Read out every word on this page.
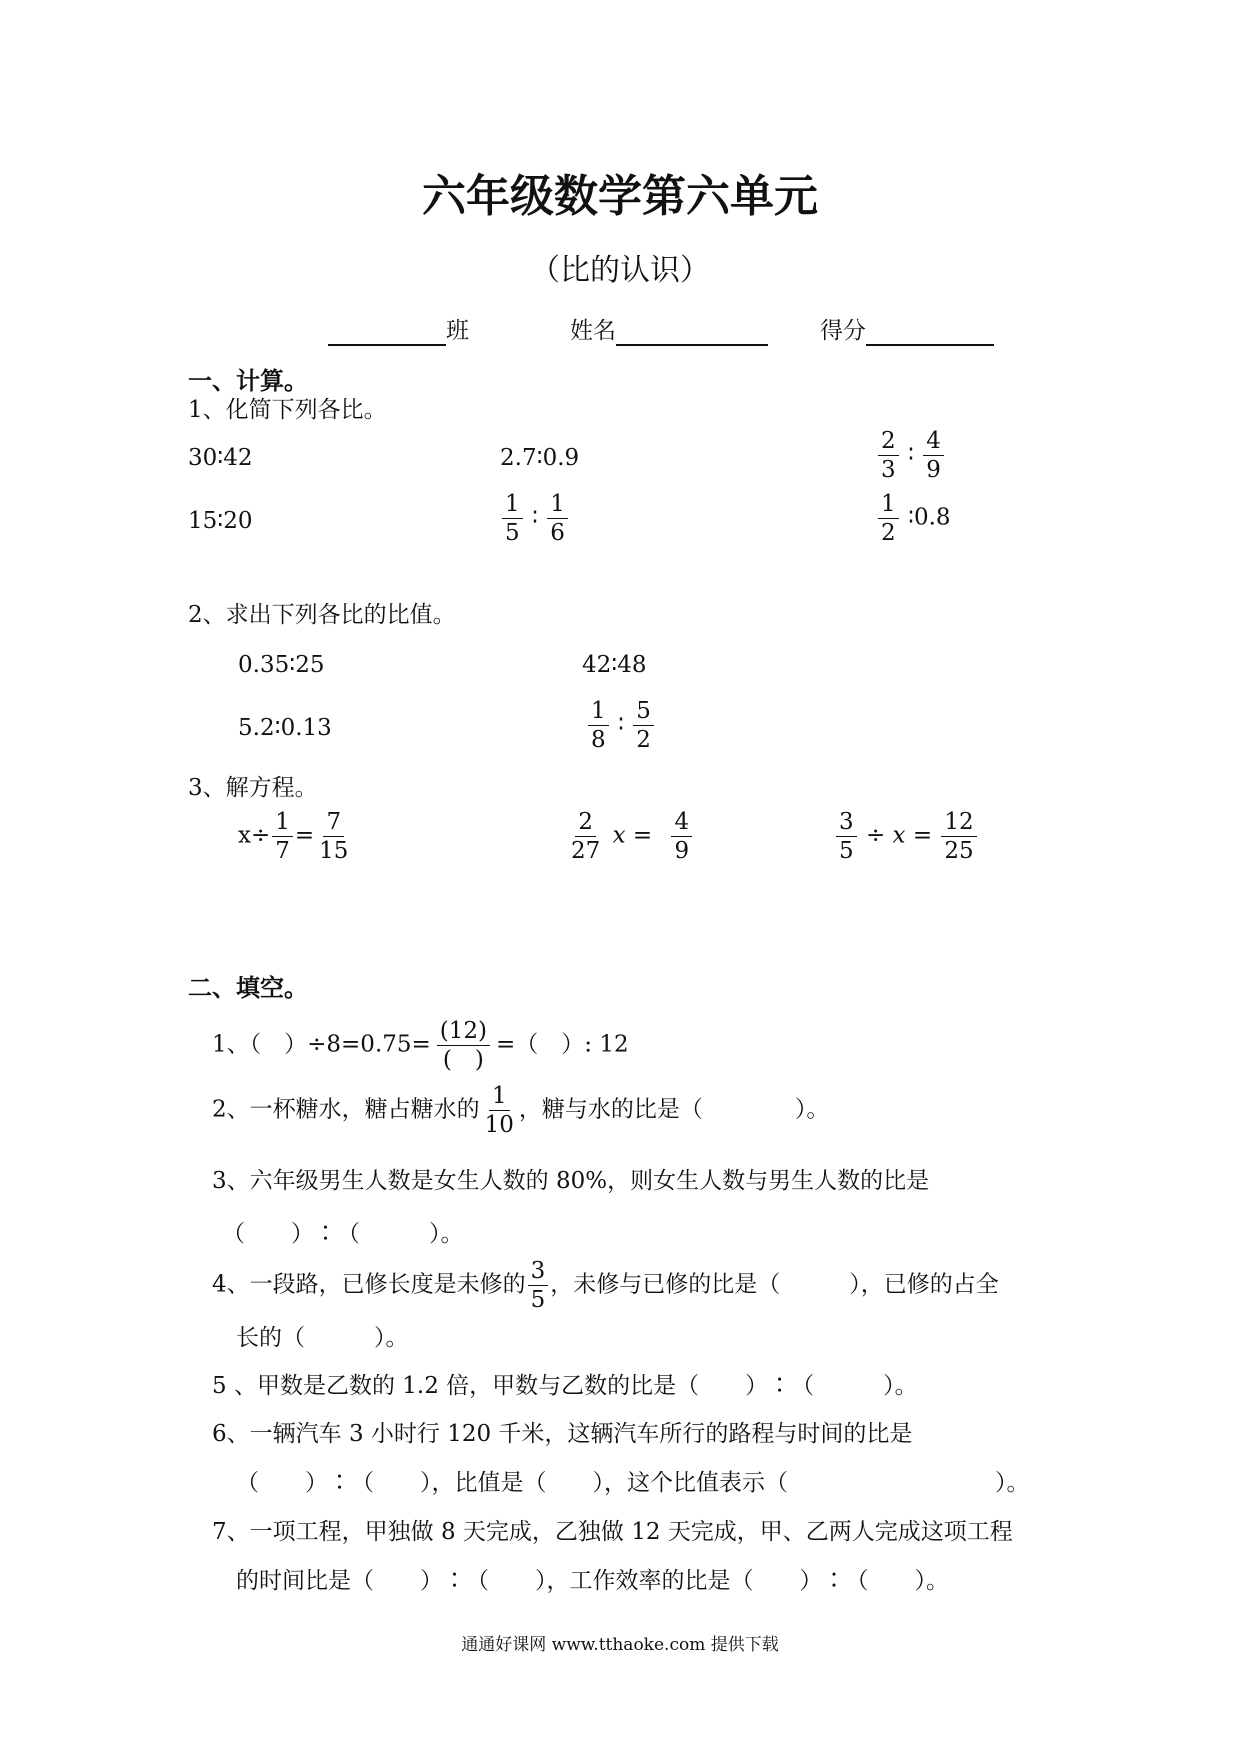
六年级数学第六单元
（比的认识）
班	姓名	得分
一、计算。
1、化简下列各比。
30∶42	2.7∶0.9	$\frac{2}{3}$ ∶ $\frac{4}{9}$
15∶20	$\frac{1}{5}$ ∶ $\frac{1}{6}$	$\frac{1}{2}$ ∶0.8
2、求出下列各比的比值。
0.35∶25	42∶48
5.2∶0.13	$\frac{1}{8}$ ∶ $\frac{5}{2}$
3、解方程。
$x\div \frac{1}{7} = \frac{7}{15}$	$\frac{2}{27}$ $x = \frac{4}{9}$	$\frac{3}{5} \div x = \frac{12}{25}$
二、填空。
1、（　）$\div 8=0.75= \frac{(12)}{( )}$ =（　）: 12
2、一杯糖水，糖占糖水的 $\frac{1}{10}$ ，糖与水的比是（　　　　）。
3、六年级男生人数是女生人数的 80%，则女生人数与男生人数的比是
（　　）∶（　　　）。
4、一段路，已修长度是未修的 $\frac{3}{5}$ ，未修与已修的比是（　　　），已修的占全
长的（　　　）。
5 、甲数是乙数的 1.2 倍，甲数与乙数的比是（　　）∶（　　　）。
6、一辆汽车 3 小时行 120 千米，这辆汽车所行的路程与时间的比是
（　　）∶（　　），比值是（　　），这个比值表示（　　　　　　　　　）。
7、一项工程，甲独做 8 天完成，乙独做 12 天完成，甲、乙两人完成这项工程
的时间比是（　　）∶（　　），工作效率的比是（　　）∶（　　）。
通通好课网 www.tthaoke.com 提供下载
